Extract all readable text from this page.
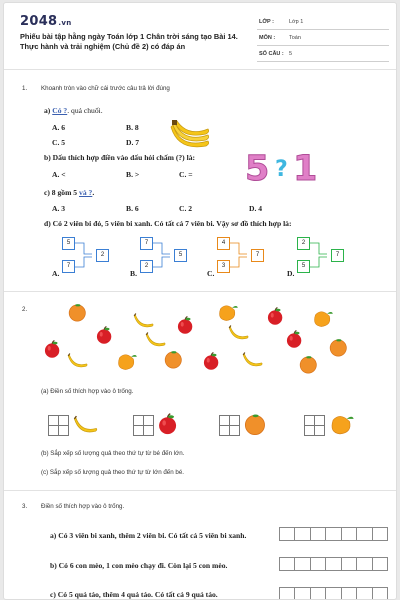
2048.vn
Phiếu bài tập hằng ngày Toán lớp 1 Chân trời sáng tạo Bài 14. Thực hành và trải nghiệm (Chủ đề 2) có đáp án
LỚP :	Lớp 1
MÔN :	Toán
SỐ CÂU : 5
1. Khoanh tròn vào chữ cái trước câu trả lời đúng
a) Có ?. quả chuối.
A. 6	B. 8
C. 5	D. 7
b) Dấu thích hợp điền vào dấu hỏi chấm (?) là:
A. <	B. >	C. =
D. 4
5 ? 1
c) 8 gồm 5 và ?.
A. 3	B. 6	C. 2
d) Có 2 viên bi đỏ, 5 viên bi xanh. Có tất cả 7 viên bi. Vậy sơ đồ thích hợp là:
5
7
2
A.
7
2
5
B.
4
3
7
C.
2
5
7
D.
2.
(a) Điền số thích hợp vào ô trống.
(b) Sắp xếp số lượng quả theo thứ tự từ bé đến lớn.
(c) Sắp xếp số lượng quả theo thứ tự từ lớn đến bé.
3. Điền số thích hợp vào ô trống.
a) Có 3 viên bi xanh, thêm 2 viên bi. Có tất cả 5 viên bi xanh.
b) Có 6 con mèo, 1 con mèo chạy đi. Còn lại 5 con mèo.
c) Có 5 quả táo, thêm 4 quả táo. Có tất cả 9 quả táo.
